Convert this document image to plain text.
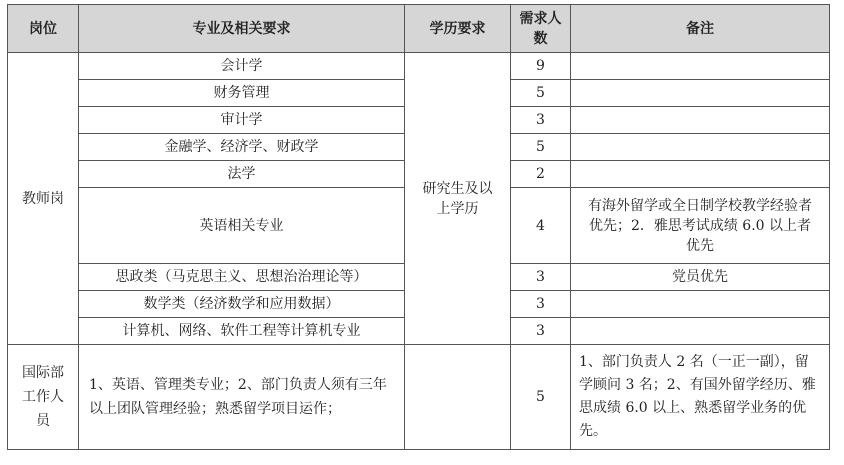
岗位	专业及相关要求	学历要求	需求人数	备注
教师岗	会计学	研究生及以上学历	9	
	财务管理		5	
	审计学		3	
	金融学、经济学、财政学		5	
	法学		2	
	英语相关专业		4	有海外留学或全日制学校教学经验者优先；2．雅思考试成绩 6.0 以上者优先
	思政类（马克思主义、思想治治理论等）		3	党员优先
	数学类（经济数学和应用数据）		3	
	计算机、网络、软件工程等计算机专业		3	
国际部工作人员	1、英语、管理类专业；2、部门负责人须有三年以上团队管理经验；熟悉留学项目运作；		5	1、部门负责人 2 名（一正一副），留学顾问 3 名；2、有国外留学经历、雅思成绩 6.0 以上、熟悉留学业务的优先。
